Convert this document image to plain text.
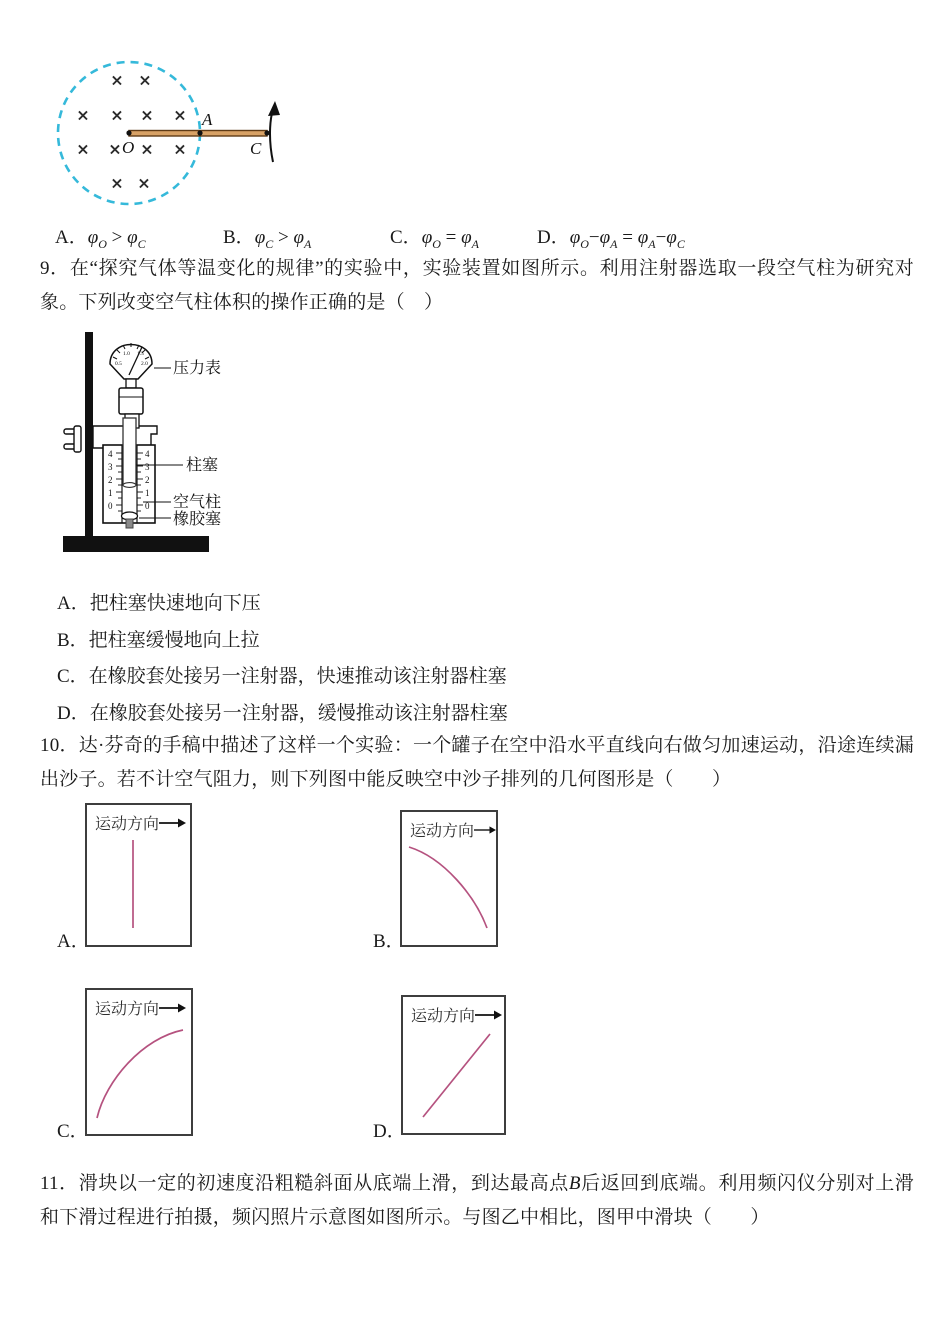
× ×
× × × ×
× × × ×
× ×
O
A
C
A．$\varphi_O > \varphi_C$	B．$\varphi_C > \varphi_A$	C．$\varphi_O = \varphi_A$	D．$\varphi_O-\varphi_A = \varphi_A-\varphi_C$
9．在“探究气体等温变化的规律”的实验中，实验装置如图所示。利用注射器选取一段空气柱为研究对象。下列改变空气柱体积的操作正确的是（　）
0.5
1.0 1.5
2.0
4
3
2
1
0
4
3
2
1
0
压力表
柱塞
空气柱
橡胶塞
A．把柱塞快速地向下压
B．把柱塞缓慢地向上拉
C．在橡胶套处接另一注射器，快速推动该注射器柱塞
D．在橡胶套处接另一注射器，缓慢推动该注射器柱塞
10．达·芬奇的手稿中描述了这样一个实验：一个罐子在空中沿水平直线向右做匀加速运动，沿途连续漏出沙子。若不计空气阻力，则下列图中能反映空中沙子排列的几何图形是（　　）
运动方向
A．
运动方向
B．
运动方向
C．
运动方向
D．
11．滑块以一定的初速度沿粗糙斜面从底端上滑，到达最高点B后返回到底端。利用频闪仪分别对上滑和下滑过程进行拍摄，频闪照片示意图如图所示。与图乙中相比，图甲中滑块（　　）
